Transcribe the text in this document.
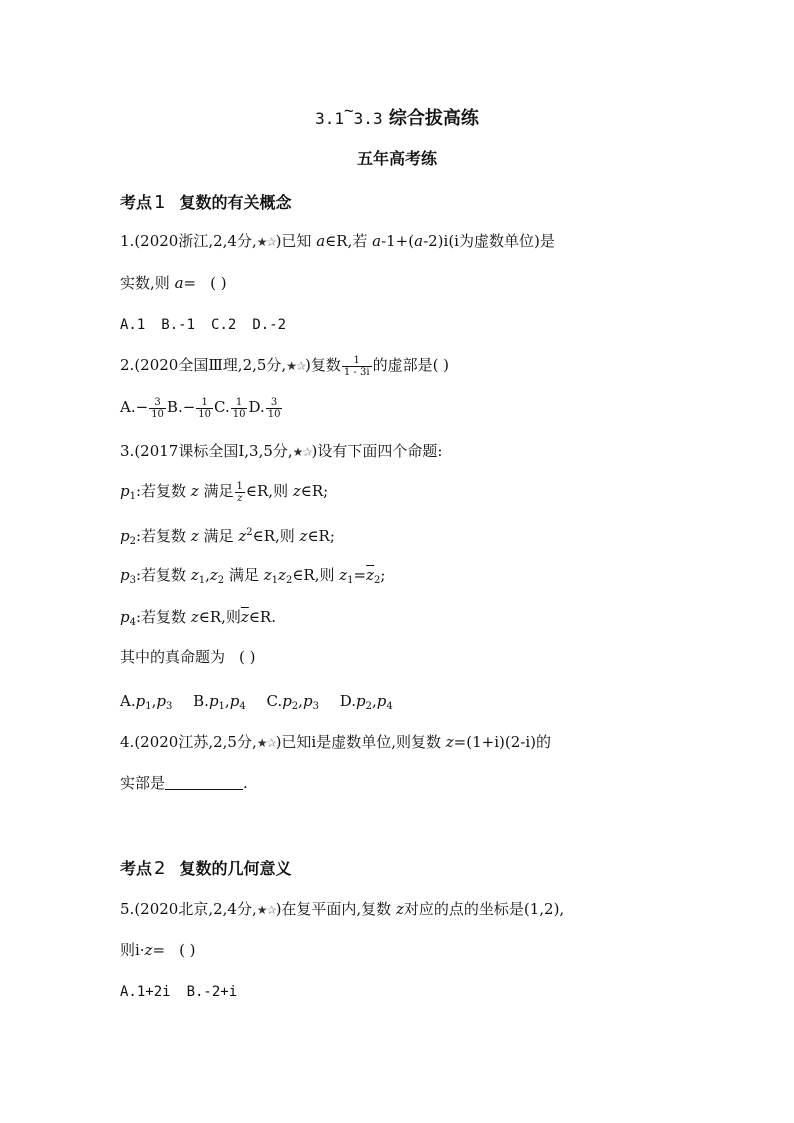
3.1~3.3 综合拔高练
五年高考练
考点 1 复数的有关概念
1.(2020浙江,2,4分,★✰)已知 a∈R,若 a-1+(a-2)i(i为虚数单位)是
实数,则 a= ( )
A.1 B.-1 C.2 D.-2
2.(2020全国Ⅲ理,2,5分,★✰)复数 $\frac{1}{1 - 3i}$ 的虚部是( )
$A.- \frac{3}{10} B.- \frac{1}{10} C$. $\frac{1}{10} D$. $\frac{3}{10}$
3.(2017课标全国Ⅰ,3,5分,★✰)设有下面四个命题:
$p_1$:若复数 z 满足 $\frac{1}{z}$ ∈R,则 z∈R;
$p_2$:若复数 z 满足 $z^2\in R$,则 z∈R;
$p_3$:若复数 $z_1,z_2$ 满足 $z_1z_2\in R$,则 $z_1=\overline{z}_2$;
$p_4$:若复数 z∈R,则$\overline{z}\in R$.
其中的真命题为 ( )
$A.p_1,p_3$ $B.p_1,p_4$ $C.p_2,p_3$ $D.p_2,p_4$
4.(2020江苏,2,5分,★✰)已知i是虚数单位,则复数 z=(1+i)(2-i)的
实部是	.
考点 2 复数的几何意义
5.(2020北京,2,4分,★✰)在复平面内,复数 z对应的点的坐标是(1,2),
则i·z= ( )
A.1+2i B.-2+i
